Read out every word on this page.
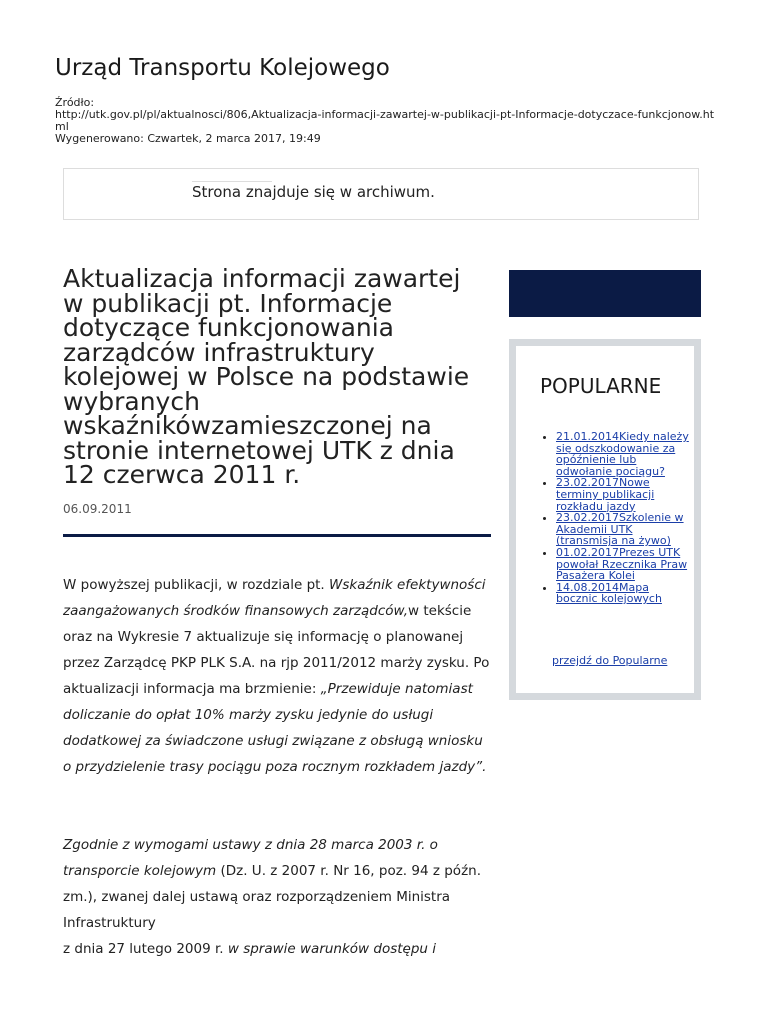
Urząd Transportu Kolejowego
Źródło:
http://utk.gov.pl/pl/aktualnosci/806,Aktualizacja-informacji-zawartej-w-publikacji-pt-Informacje-dotyczace-funkcjonow.html
Wygenerowano: Czwartek, 2 marca 2017, 19:49
Strona znajduje się w archiwum.
Aktualizacja informacji zawartej w publikacji pt. Informacje dotyczące funkcjonowania zarządców infrastruktury kolejowej w Polsce na podstawie wybranych wskaźnikówzamieszczonej na stronie internetowej UTK z dnia 12 czerwca 2011 r.
06.09.2011

W powyższej publikacji, w rozdziale pt. Wskaźnik efektywności zaangażowanych środków finansowych zarządców,w tekście oraz na Wykresie 7 aktualizuje się informację o planowanej przez Zarządcę PKP PLK S.A. na rjp 2011/2012 marży zysku. Po aktualizacji informacja ma brzmienie: „Przewiduje natomiast doliczanie do opłat 10% marży zysku jedynie do usługi dodatkowej za świadczone usługi związane z obsługą wniosku o przydzielenie trasy pociągu poza rocznym rozkładem jazdy”.

Zgodnie z wymogami ustawy z dnia 28 marca 2003 r. o transporcie kolejowym (Dz. U. z 2007 r. Nr 16, poz. 94 z późn. zm.), zwanej dalej ustawą oraz rozporządzeniem Ministra Infrastruktury
z dnia 27 lutego 2009 r. w sprawie warunków dostępu i

POPULARNE
• 21.01.2014Kiedy należy się odszkodowanie za opóźnienie lub odwołanie pociągu?
• 23.02.2017Nowe terminy publikacji rozkładu jazdy
• 23.02.2017Szkolenie w Akademii UTK (transmisja na żywo)
• 01.02.2017Prezes UTK powołał Rzecznika Praw Pasażera Kolei
• 14.08.2014Mapa bocznic kolejowych
przejdź do Popularne
